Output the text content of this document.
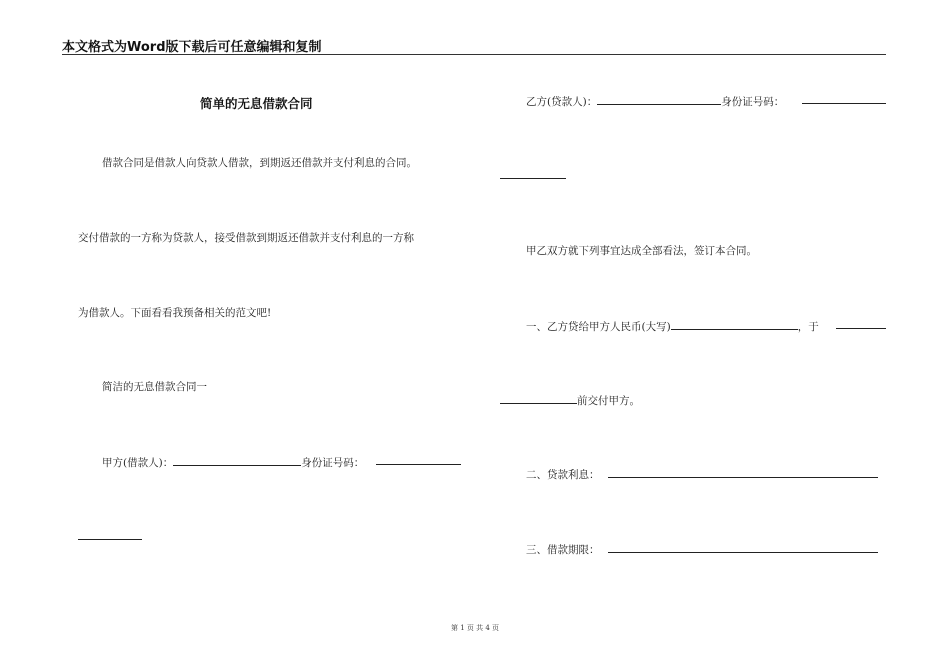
本文格式为Word版下载后可任意编辑和复制
简单的无息借款合同
借款合同是借款人向贷款人借款，到期返还借款并支付利息的合同。
交付借款的一方称为贷款人，接受借款到期返还借款并支付利息的一方称
为借款人。下面看看我预备相关的范文吧!
简洁的无息借款合同一
甲方(借款人)：	身份证号码：
乙方(贷款人)：	身份证号码：
甲乙双方就下列事宜达成全部看法，签订本合同。
一、乙方贷给甲方人民币(大写)	，于
前交付甲方。
二、贷款利息：
三、借款期限：
第 1 页 共 4 页
